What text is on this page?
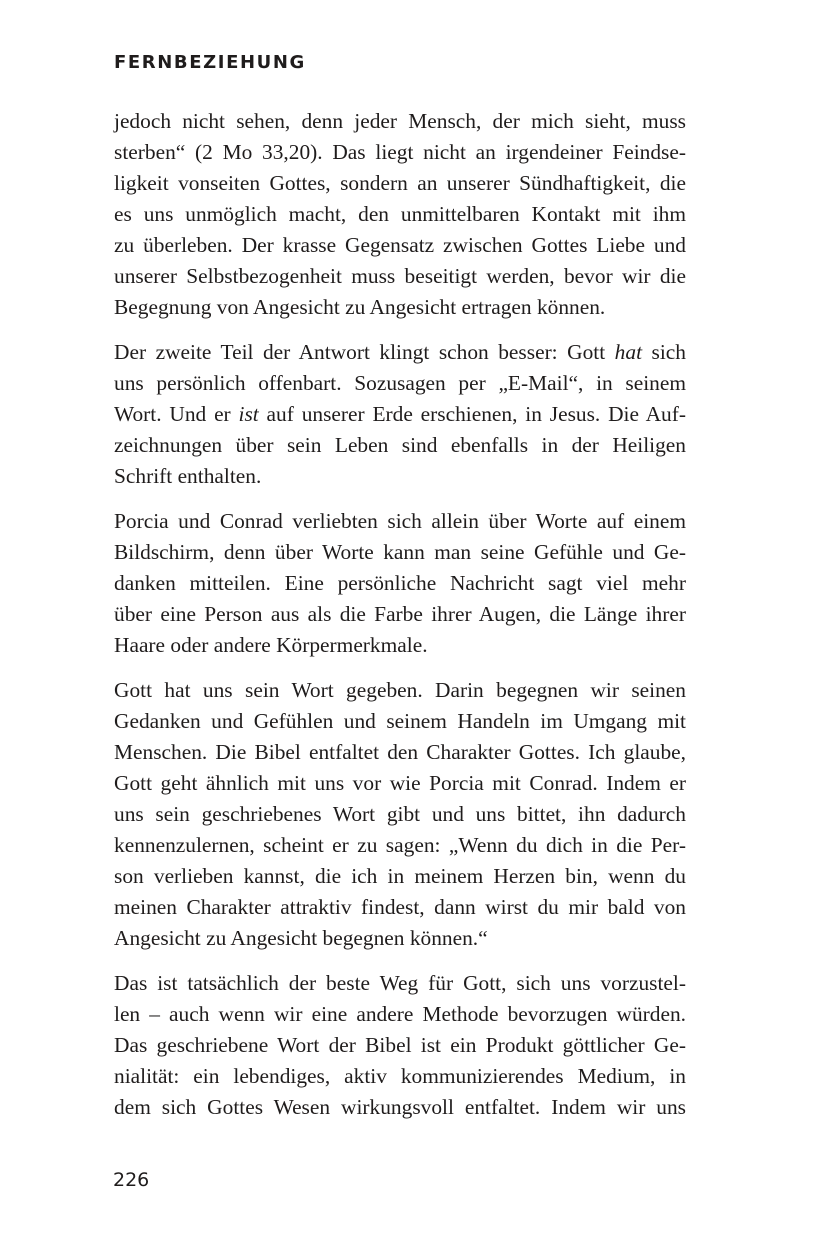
FERNBEZIEHUNG
jedoch nicht sehen, denn jeder Mensch, der mich sieht, muss
sterben“ (2 Mo 33,20). Das liegt nicht an irgendeiner Feindse-
ligkeit vonseiten Gottes, sondern an unserer Sündhaftigkeit, die
es uns unmöglich macht, den unmittelbaren Kontakt mit ihm
zu überleben. Der krasse Gegensatz zwischen Gottes Liebe und
unserer Selbstbezogenheit muss beseitigt werden, bevor wir die
Begegnung von Angesicht zu Angesicht ertragen können.
Der zweite Teil der Antwort klingt schon besser: Gott hat sich
uns persönlich offenbart. Sozusagen per „E-Mail“, in seinem
Wort. Und er ist auf unserer Erde erschienen, in Jesus. Die Auf-
zeichnungen über sein Leben sind ebenfalls in der Heiligen
Schrift enthalten.
Porcia und Conrad verliebten sich allein über Worte auf einem
Bildschirm, denn über Worte kann man seine Gefühle und Ge-
danken mitteilen. Eine persönliche Nachricht sagt viel mehr
über eine Person aus als die Farbe ihrer Augen, die Länge ihrer
Haare oder andere Körpermerkmale.
Gott hat uns sein Wort gegeben. Darin begegnen wir seinen
Gedanken und Gefühlen und seinem Handeln im Umgang mit
Menschen. Die Bibel entfaltet den Charakter Gottes. Ich glaube,
Gott geht ähnlich mit uns vor wie Porcia mit Conrad. Indem er
uns sein geschriebenes Wort gibt und uns bittet, ihn dadurch
kennenzulernen, scheint er zu sagen: „Wenn du dich in die Per-
son verlieben kannst, die ich in meinem Herzen bin, wenn du
meinen Charakter attraktiv findest, dann wirst du mir bald von
Angesicht zu Angesicht begegnen können.“
Das ist tatsächlich der beste Weg für Gott, sich uns vorzustel-
len – auch wenn wir eine andere Methode bevorzugen würden.
Das geschriebene Wort der Bibel ist ein Produkt göttlicher Ge-
nialität: ein lebendiges, aktiv kommunizierendes Medium, in
dem sich Gottes Wesen wirkungsvoll entfaltet. Indem wir uns
226
